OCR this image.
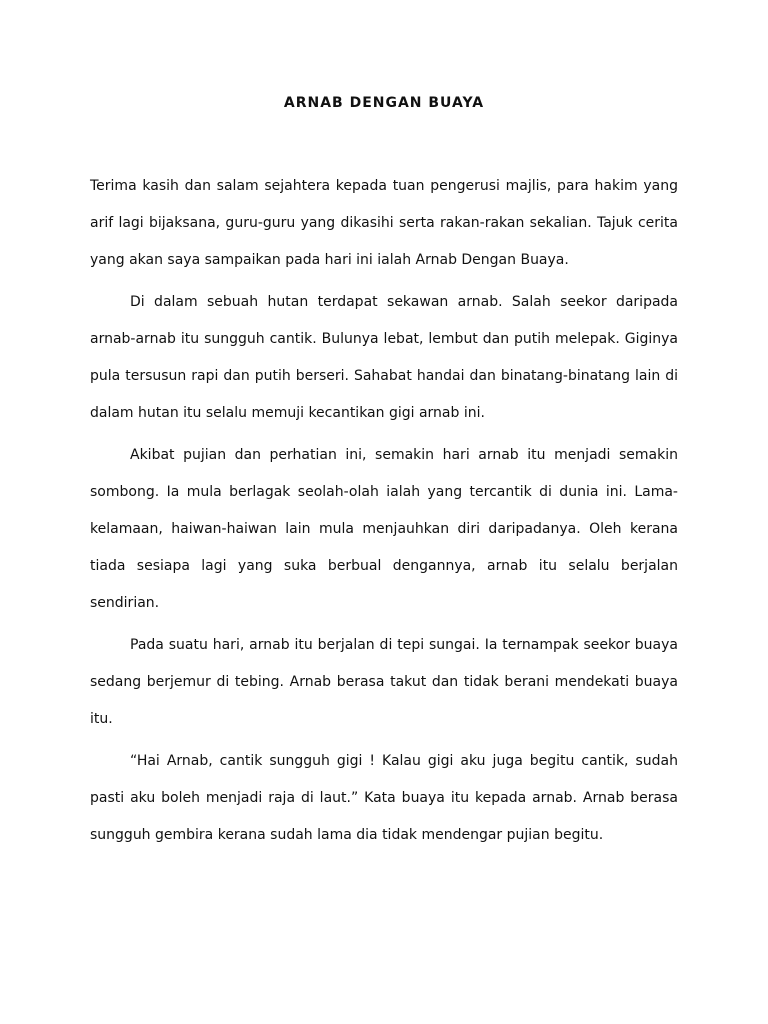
ARNAB DENGAN BUAYA

Terima kasih dan salam sejahtera kepada tuan pengerusi majlis, para hakim yang arif lagi bijaksana, guru-guru yang dikasihi serta rakan-rakan sekalian. Tajuk cerita yang akan saya sampaikan pada hari ini ialah Arnab Dengan Buaya.

Di dalam sebuah hutan terdapat sekawan arnab. Salah seekor daripada arnab-arnab itu sungguh cantik. Bulunya lebat, lembut dan putih melepak. Giginya pula tersusun rapi dan putih berseri. Sahabat handai dan binatang-binatang lain di dalam hutan itu selalu memuji kecantikan gigi arnab ini.

Akibat pujian dan perhatian ini, semakin hari arnab itu menjadi semakin sombong. Ia mula berlagak seolah-olah ialah yang tercantik di dunia ini. Lama-kelamaan, haiwan-haiwan lain mula menjauhkan diri daripadanya. Oleh kerana tiada sesiapa lagi yang suka berbual dengannya, arnab itu selalu berjalan sendirian.

Pada suatu hari, arnab itu berjalan di tepi sungai. Ia ternampak seekor buaya sedang berjemur di tebing. Arnab berasa takut dan tidak berani mendekati buaya itu.

“Hai Arnab, cantik sungguh gigi ! Kalau gigi aku juga begitu cantik, sudah pasti aku boleh menjadi raja di laut.” Kata buaya itu kepada arnab. Arnab berasa sungguh gembira kerana sudah lama dia tidak mendengar pujian begitu.
